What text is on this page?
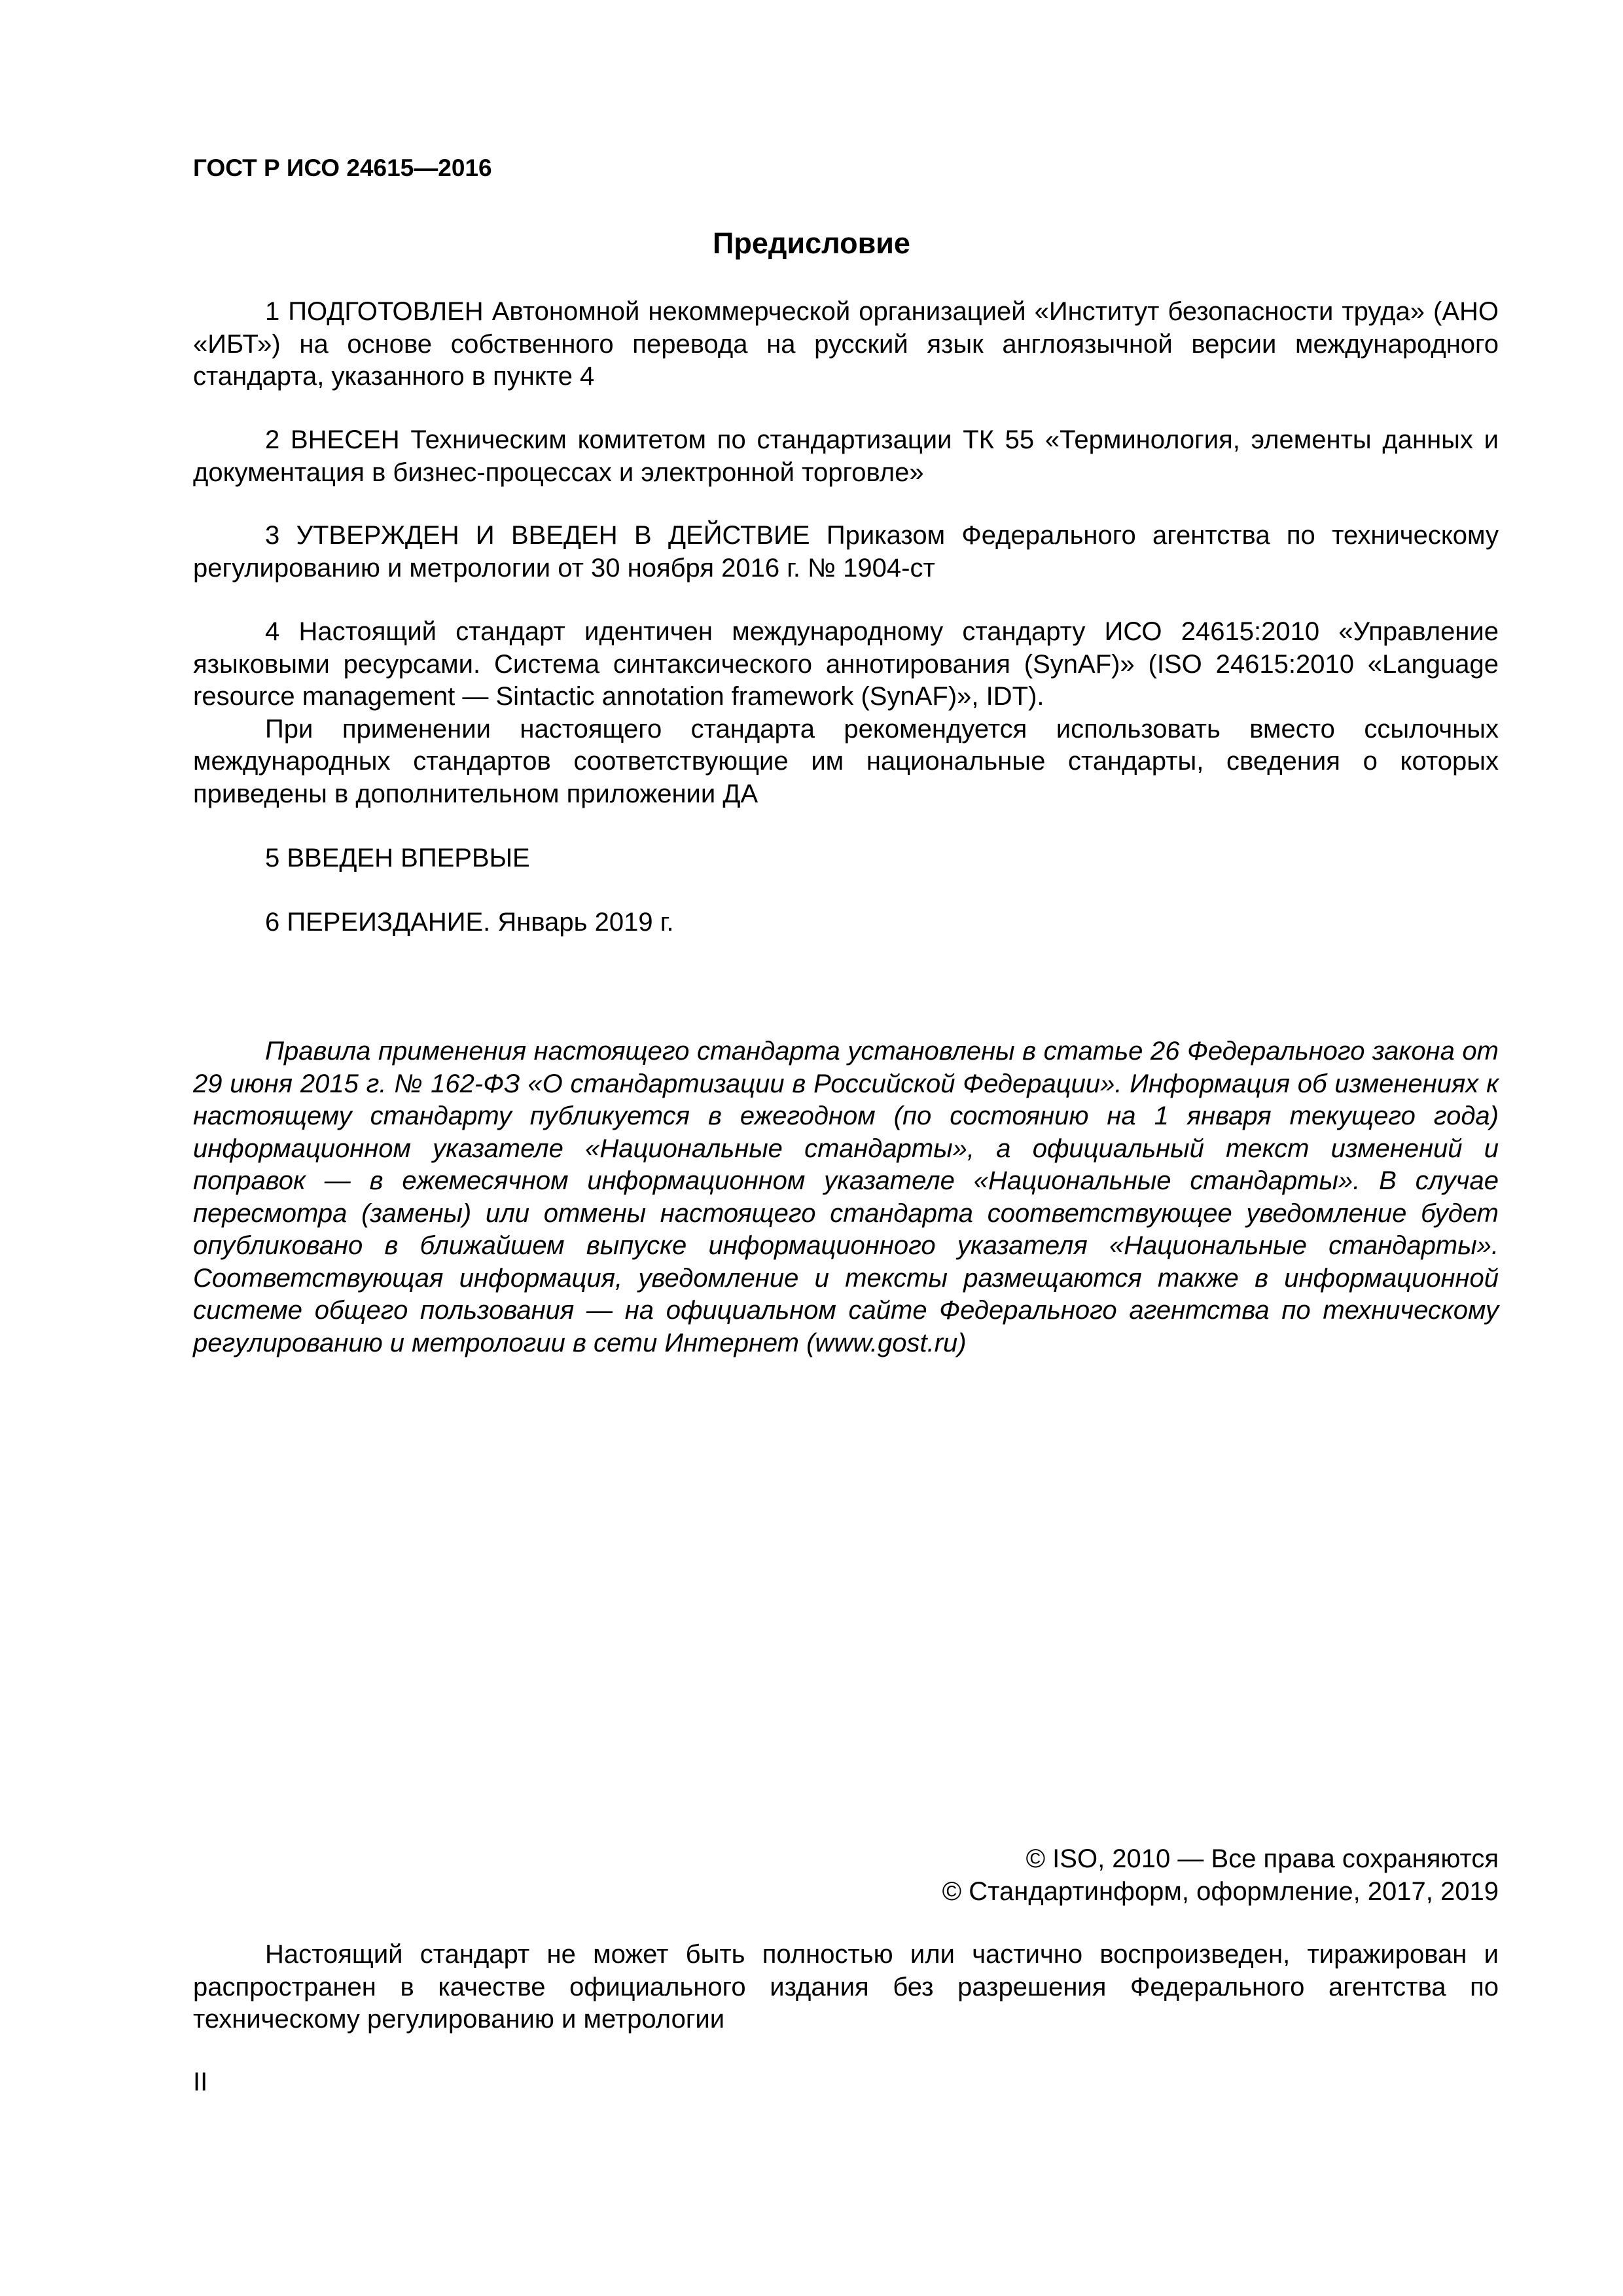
ГОСТ Р ИСО 24615—2016
Предисловие

1 ПОДГОТОВЛЕН Автономной некоммерческой организацией «Институт безопасности труда» (АНО «ИБТ») на основе собственного перевода на русский язык англоязычной версии международного стандарта, указанного в пункте 4

2 ВНЕСЕН Техническим комитетом по стандартизации ТК 55 «Терминология, элементы данных и документация в бизнес-процессах и электронной торговле»

3 УТВЕРЖДЕН И ВВЕДЕН В ДЕЙСТВИЕ Приказом Федерального агентства по техническому регулированию и метрологии от 30 ноября 2016 г. № 1904-ст

4 Настоящий стандарт идентичен международному стандарту ИСО 24615:2010 «Управление языковыми ресурсами. Система синтаксического аннотирования (SynAF)» (ISO 24615:2010 «Language resource management — Sintactic annotation framework (SynAF)», IDT).

При применении настоящего стандарта рекомендуется использовать вместо ссылочных международных стандартов соответствующие им национальные стандарты, сведения о которых приведены в дополнительном приложении ДА

5 ВВЕДЕН ВПЕРВЫЕ

6 ПЕРЕИЗДАНИЕ. Январь 2019 г.

Правила применения настоящего стандарта установлены в статье 26 Федерального закона от 29 июня 2015 г. № 162-ФЗ «О стандартизации в Российской Федерации». Информация об изменениях к настоящему стандарту публикуется в ежегодном (по состоянию на 1 января текущего года) информационном указателе «Национальные стандарты», а официальный текст изменений и поправок — в ежемесячном информационном указателе «Национальные стандарты». В случае пересмотра (замены) или отмены настоящего стандарта соответствующее уведомление будет опубликовано в ближайшем выпуске информационного указателя «Национальные стандарты». Соответствующая информация, уведомление и тексты размещаются также в информационной системе общего пользования — на официальном сайте Федерального агентства по техническому регулированию и метрологии в сети Интернет (www.gost.ru)

© ISO, 2010 — Все права сохраняются
© Стандартинформ, оформление, 2017, 2019

Настоящий стандарт не может быть полностью или частично воспроизведен, тиражирован и распространен в качестве официального издания без разрешения Федерального агентства по техническому регулированию и метрологии

II
